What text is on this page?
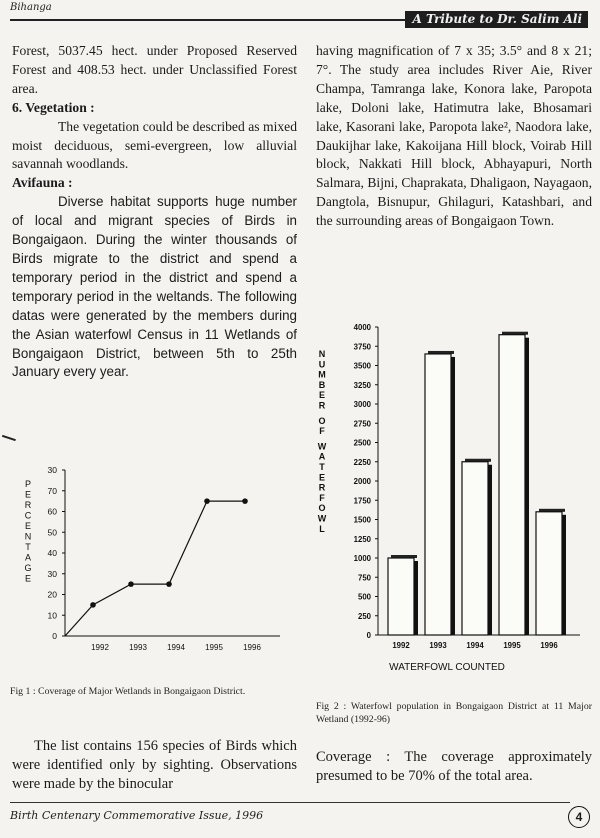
Bihanga
A Tribute to Dr. Salim Ali

Forest, 5037.45 hect. under Proposed Reserved Forest and 408.53 hect. under Unclassified Forest area.

6. Vegetation :

The vegetation could be described as mixed moist deciduous, semi-evergreen, low alluvial savannah woodlands.

Avifauna :

Diverse habitat supports huge number of local and migrant species of Birds in Bongaigaon. During the winter thousands of Birds migrate to the district and spend a temporary period in the district and spend a temporary period in the weltands. The following datas were generated by the members during the Asian waterfowl Census in 11 Wetlands of Bongaigaon District, between 5th to 25th January every year.

having magnification of 7 x 35; 3.5° and 8 x 21; 7°. The study area includes River Aie, River Champa, Tamranga lake, Konora lake, Paropota lake, Doloni lake, Hatimutra lake, Bhosamari lake, Kasorani lake, Paropota lake², Naodora lake, Daukijhar lake, Kakoijana Hill block, Voirab Hill block, Nakkati Hill block, Abhayapuri, North Salmara, Bijni, Chaprakata, Dhaligaon, Nayagaon, Dangtola, Bisnupur, Ghilaguri, Katashbari, and the surrounding areas of Bongaigaon Town.

P
E
R
C
E
N
T
A
G
E
0
10
20
30
40
50
60
70
30
1992	1993	1994	1995	1996
N
U
M
B
E
R
O
F
W
A
T
E
R
F
O
W
L
0
250
500
750
1000
1250
1500
1750
2000
2250
2500
2750
3000
3250
3500
3750
4000
1992	1993	1994	1995	1996
WATERFOWL COUNTED
Fig 1 : Coverage of Major Wetlands in Bongaigaon District.
Fig 2 : Waterfowl population in Bongaigaon District at 11 Major Wetland (1992-96)
The list contains 156 species of Birds which were identified only by sighting. Observations were made by the binocular
Coverage : The coverage approximately presumed to be 70% of the total area.
Birth Centenary Commemorative Issue, 1996	4
